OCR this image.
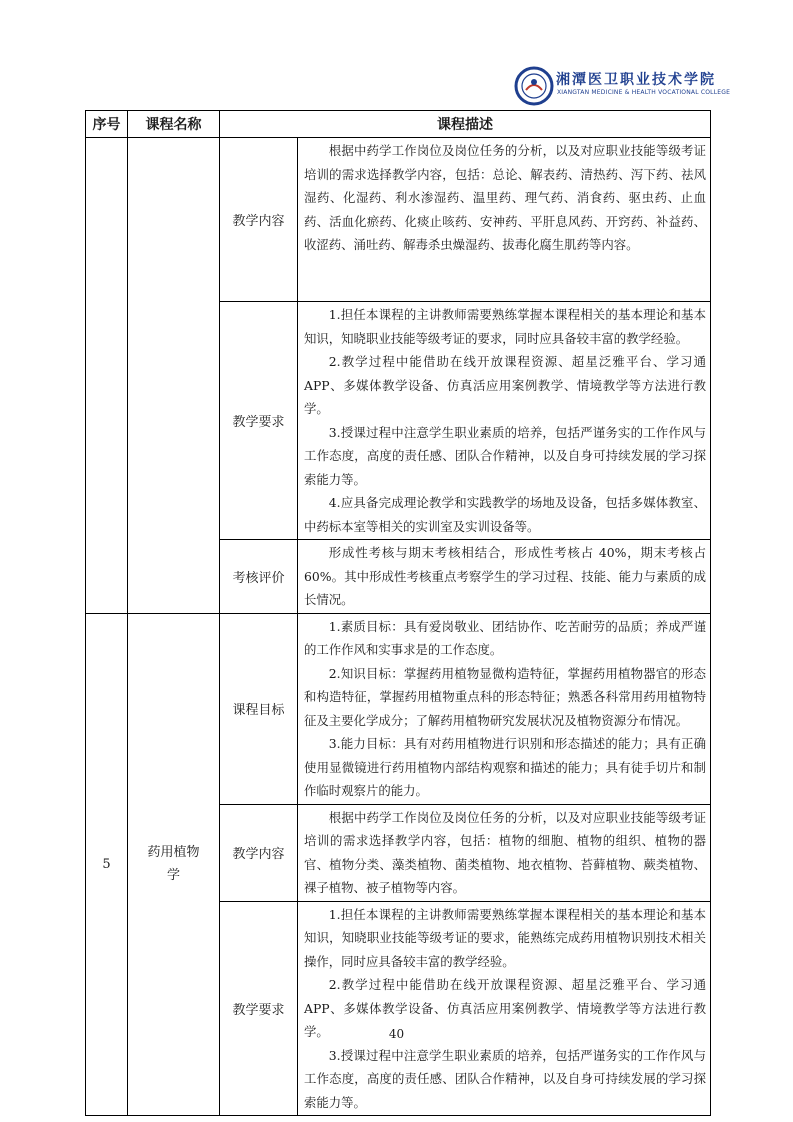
湘潭医卫职业技术学院
XIANGTAN MEDICINE & HEALTH VOCATIONAL COLLEGE
序号	课程名称	课程描述	
		教学内容	根据中药学工作岗位及岗位任务的分析，以及对应职业技能等级考证培训的需求选择教学内容，包括：总论、解表药、清热药、泻下药、祛风湿药、化湿药、利水渗湿药、温里药、理气药、消食药、驱虫药、止血药、活血化瘀药、化痰止咳药、安神药、平肝息风药、开窍药、补益药、收涩药、涌吐药、解毒杀虫燥湿药、拔毒化腐生肌药等内容。

		教学要求	1.担任本课程的主讲教师需要熟练掌握本课程相关的基本理论和基本知识，知晓职业技能等级考证的要求，同时应具备较丰富的教学经验。

2.教学过程中能借助在线开放课程资源、超星泛雅平台、学习通 APP、多媒体教学设备、仿真活应用案例教学、情境教学等方法进行教学。

3.授课过程中注意学生职业素质的培养，包括严谨务实的工作作风与工作态度，高度的责任感、团队合作精神，以及自身可持续发展的学习探索能力等。

4.应具备完成理论教学和实践教学的场地及设备，包括多媒体教室、中药标本室等相关的实训室及实训设备等。

		考核评价	形成性考核与期末考核相结合，形成性考核占 40%，期末考核占 60%。其中形成性考核重点考察学生的学习过程、技能、能力与素质的成长情况。

5	药用植物学	课程目标	1.素质目标：具有爱岗敬业、团结协作、吃苦耐劳的品质；养成严谨的工作作风和实事求是的工作态度。

2.知识目标：掌握药用植物显微构造特征，掌握药用植物器官的形态和构造特征，掌握药用植物重点科的形态特征；熟悉各科常用药用植物特征及主要化学成分；了解药用植物研究发展状况及植物资源分布情况。

3.能力目标：具有对药用植物进行识别和形态描述的能力；具有正确使用显微镜进行药用植物内部结构观察和描述的能力；具有徒手切片和制作临时观察片的能力。

		教学内容	根据中药学工作岗位及岗位任务的分析，以及对应职业技能等级考证培训的需求选择教学内容，包括：植物的细胞、植物的组织、植物的器官、植物分类、藻类植物、菌类植物、地衣植物、苔藓植物、蕨类植物、裸子植物、被子植物等内容。

		教学要求	1.担任本课程的主讲教师需要熟练掌握本课程相关的基本理论和基本知识，知晓职业技能等级考证的要求，能熟练完成药用植物识别技术相关操作，同时应具备较丰富的教学经验。

2.教学过程中能借助在线开放课程资源、超星泛雅平台、学习通 APP、多媒体教学设备、仿真活应用案例教学、情境教学等方法进行教学。

3.授课过程中注意学生职业素质的培养，包括严谨务实的工作作风与工作态度，高度的责任感、团队合作精神，以及自身可持续发展的学习探索能力等。

40
